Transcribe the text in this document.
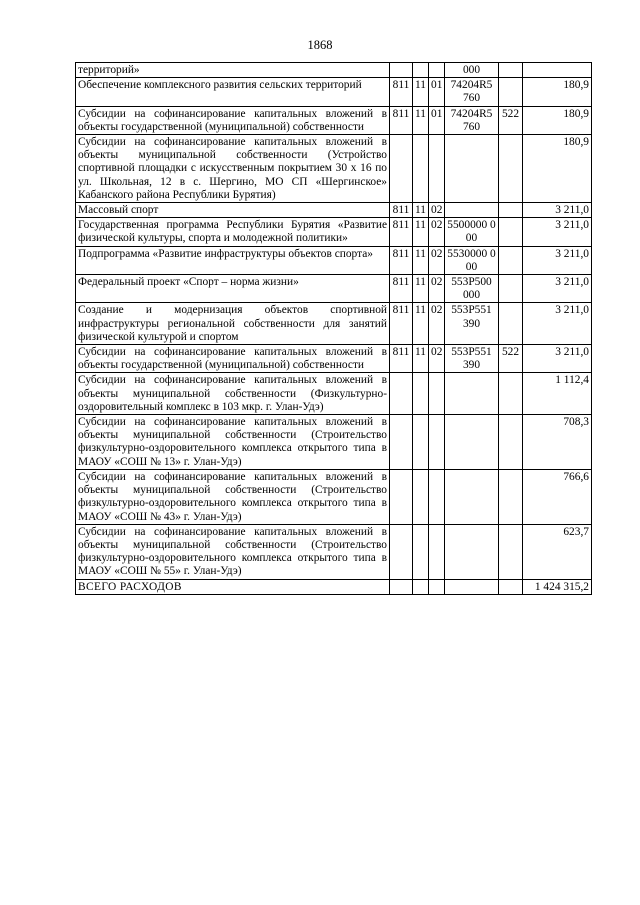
1868
территорий»				000		
Обеспечение комплексного развития сельских территорий	811	11	01	74204R5 760		180,9
Субсидии на софинансирование капитальных вложений в объекты государственной (муниципальной) собственности	811	11	01	74204R5 760	522	180,9
Субсидии на софинансирование капитальных вложений в объекты муниципальной собственности (Устройство спортивной площадки с искусственным покрытием 30 х 16 по ул. Школьная, 12 в с. Шергино, МО СП «Шергинское» Кабанского района Республики Бурятия)						180,9
Массовый спорт	811	11	02			3 211,0
Государственная программа Республики Бурятия «Развитие физической культуры, спорта и молодежной политики»	811	11	02	5500000 000		3 211,0
Подпрограмма «Развитие инфраструктуры объектов спорта»	811	11	02	5530000 000		3 211,0
Федеральный проект «Спорт – норма жизни»	811	11	02	553P500 000		3 211,0
Создание и модернизация объектов спортивной инфраструктуры региональной собственности для занятий физической культурой и спортом	811	11	02	553P551 390		3 211,0
Субсидии на софинансирование капитальных вложений в объекты государственной (муниципальной) собственности	811	11	02	553P551 390	522	3 211,0
Субсидии на софинансирование капитальных вложений в объекты муниципальной собственности (Физкультурно-оздоровительный комплекс в 103 мкр. г. Улан-Удэ)						1 112,4
Субсидии на софинансирование капитальных вложений в объекты муниципальной собственности (Строительство физкультурно-оздоровительного комплекса открытого типа в МАОУ «СОШ № 13» г. Улан-Удэ)						708,3
Субсидии на софинансирование капитальных вложений в объекты муниципальной собственности (Строительство физкультурно-оздоровительного комплекса открытого типа в МАОУ «СОШ № 43» г. Улан-Удэ)						766,6
Субсидии на софинансирование капитальных вложений в объекты муниципальной собственности (Строительство физкультурно-оздоровительного комплекса открытого типа в МАОУ «СОШ № 55» г. Улан-Удэ)						623,7
ВСЕГО РАСХОДОВ						1 424 315,2
